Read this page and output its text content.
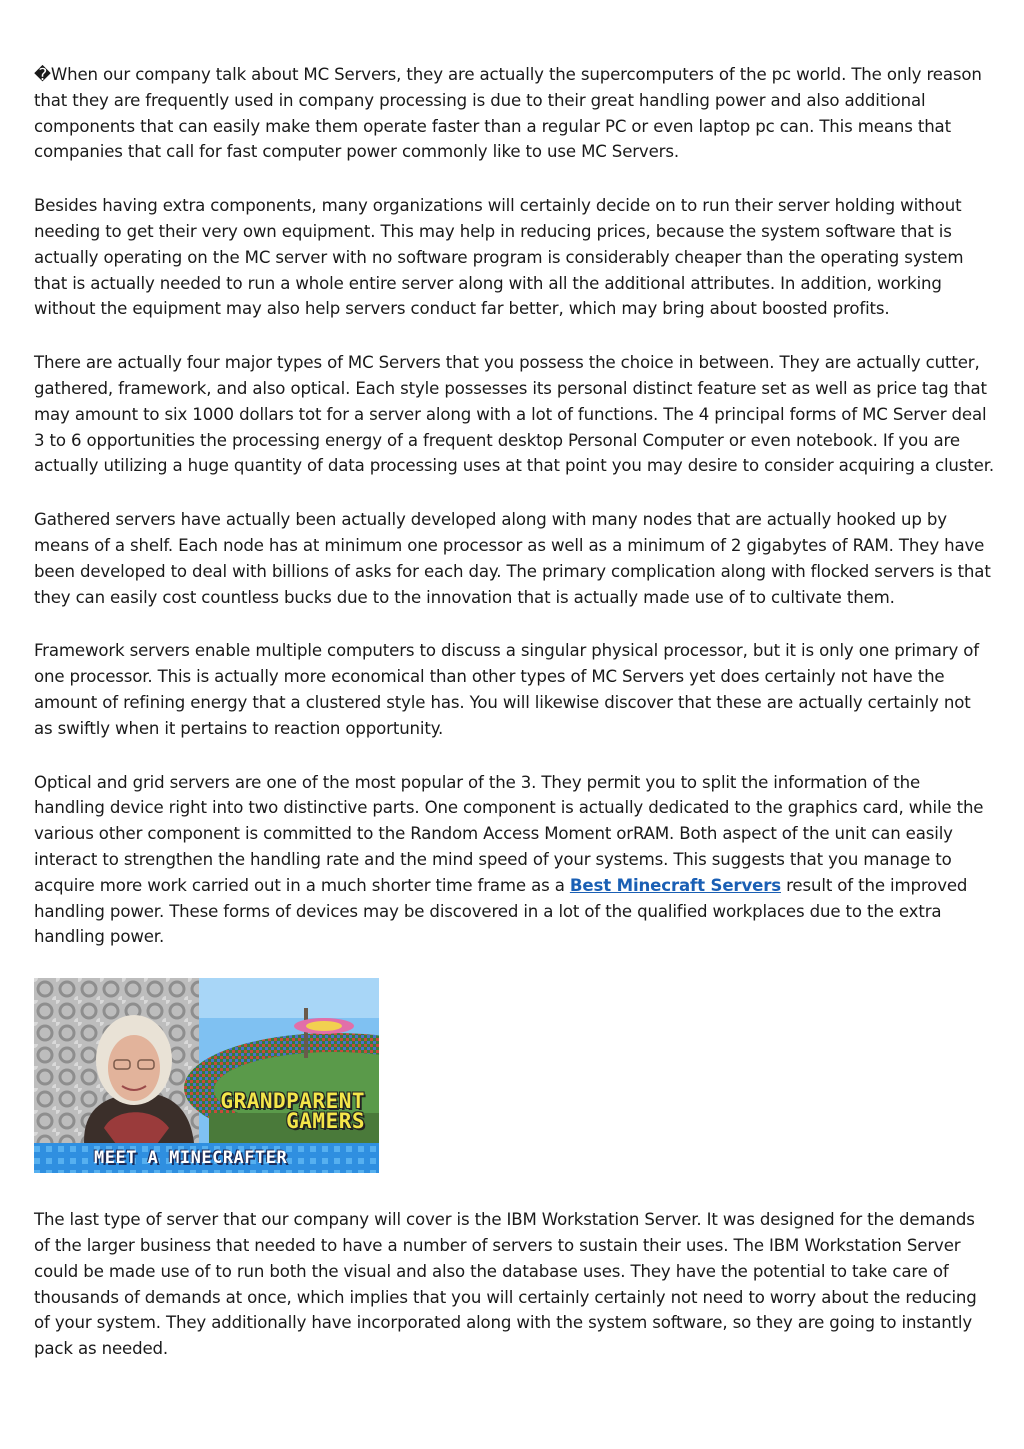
�When our company talk about MC Servers, they are actually the supercomputers of the pc world. The only reason that they are frequently used in company processing is due to their great handling power and also additional components that can easily make them operate faster than a regular PC or even laptop pc can. This means that companies that call for fast computer power commonly like to use MC Servers.

Besides having extra components, many organizations will certainly decide on to run their server holding without needing to get their very own equipment. This may help in reducing prices, because the system software that is actually operating on the MC server with no software program is considerably cheaper than the operating system that is actually needed to run a whole entire server along with all the additional attributes. In addition, working without the equipment may also help servers conduct far better, which may bring about boosted profits.

There are actually four major types of MC Servers that you possess the choice in between. They are actually cutter, gathered, framework, and also optical. Each style possesses its personal distinct feature set as well as price tag that may amount to six 1000 dollars tot for a server along with a lot of functions. The 4 principal forms of MC Server deal 3 to 6 opportunities the processing energy of a frequent desktop Personal Computer or even notebook. If you are actually utilizing a huge quantity of data processing uses at that point you may desire to consider acquiring a cluster.

Gathered servers have actually been actually developed along with many nodes that are actually hooked up by means of a shelf. Each node has at minimum one processor as well as a minimum of 2 gigabytes of RAM. They have been developed to deal with billions of asks for each day. The primary complication along with flocked servers is that they can easily cost countless bucks due to the innovation that is actually made use of to cultivate them.

Framework servers enable multiple computers to discuss a singular physical processor, but it is only one primary of one processor. This is actually more economical than other types of MC Servers yet does certainly not have the amount of refining energy that a clustered style has. You will likewise discover that these are actually certainly not as swiftly when it pertains to reaction opportunity.

Optical and grid servers are one of the most popular of the 3. They permit you to split the information of the handling device right into two distinctive parts. One component is actually dedicated to the graphics card, while the various other component is committed to the Random Access Moment orRAM. Both aspect of the unit can easily interact to strengthen the handling rate and the mind speed of your systems. This suggests that you manage to acquire more work carried out in a much shorter time frame as a Best Minecraft Servers result of the improved handling power. These forms of devices may be discovered in a lot of the qualified workplaces due to the extra handling power.

GRANDPARENT
GAMERS
MEET A MINECRAFTER

The last type of server that our company will cover is the IBM Workstation Server. It was designed for the demands of the larger business that needed to have a number of servers to sustain their uses. The IBM Workstation Server could be made use of to run both the visual and also the database uses. They have the potential to take care of thousands of demands at once, which implies that you will certainly certainly not need to worry about the reducing of your system. They additionally have incorporated along with the system software, so they are going to instantly pack as needed.
